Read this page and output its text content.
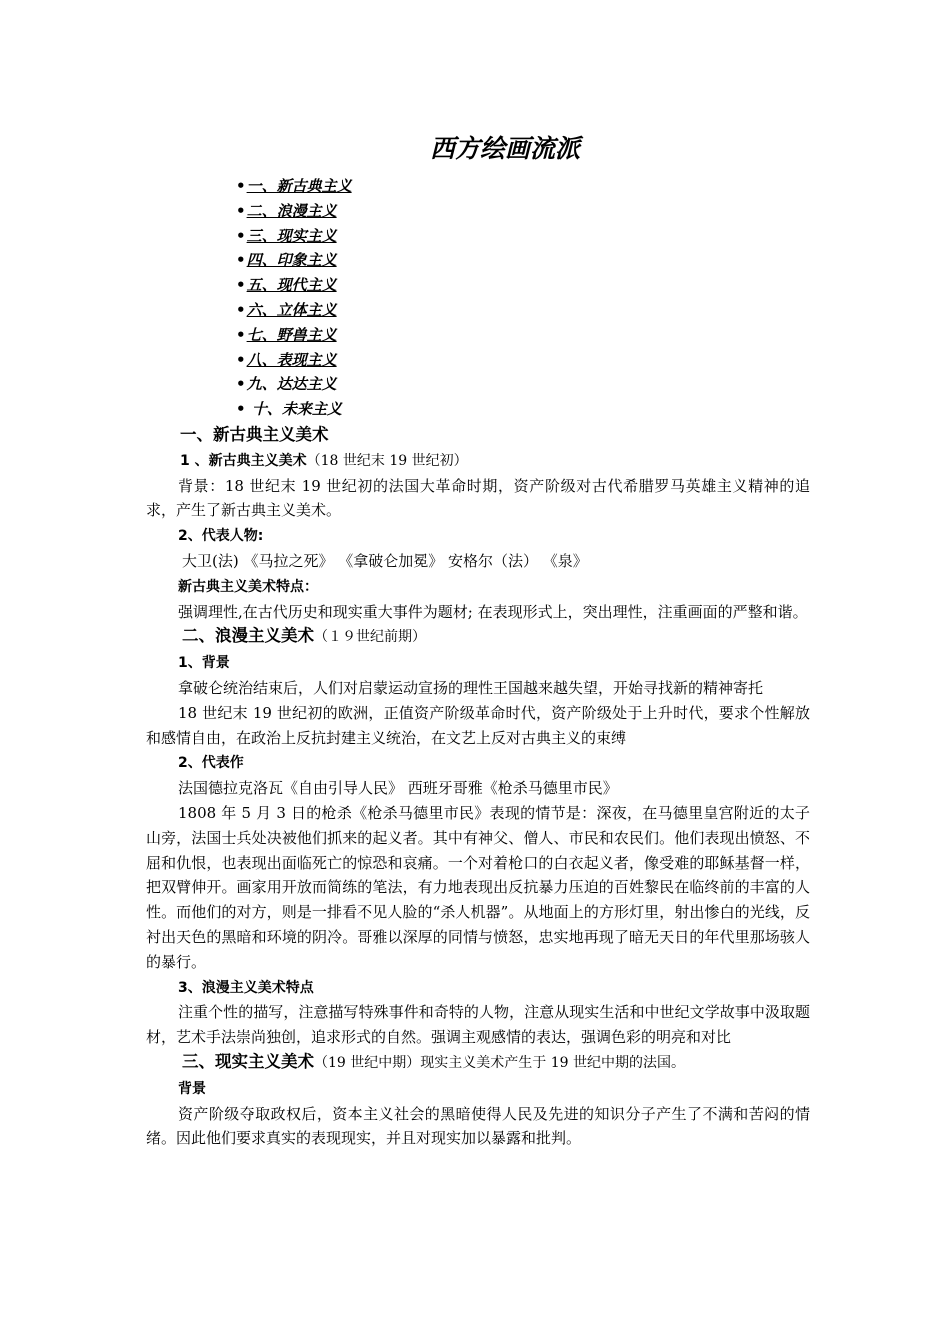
西方绘画流派
•一、新古典主义
•二、浪漫主义
•三、现实主义
•四、印象主义
•五、现代主义
•六、立体主义
•七、野兽主义
•八、表现主义
•九、达达主义
• 十、未来主义
一、新古典主义美术
1 、新古典主义美术（18 世纪末 19 世纪初）

背景：18 世纪末 19 世纪初的法国大革命时期，资产阶级对古代希腊罗马英雄主义精神的追求，产生了新古典主义美术。

2、代表人物:
大卫(法) 《马拉之死》 《拿破仑加冕》 安格尔（法） 《泉》
新古典主义美术特点：

强调理性,在古代历史和现实重大事件为题材; 在表现形式上，突出理性，注重画面的严整和谐。

二、浪漫主义美术（１９世纪前期）
1、背景

拿破仑统治结束后，人们对启蒙运动宣扬的理性王国越来越失望，开始寻找新的精神寄托

18 世纪末 19 世纪初的欧洲，正值资产阶级革命时代，资产阶级处于上升时代，要求个性解放和感情自由，在政治上反抗封建主义统治，在文艺上反对古典主义的束缚

2、代表作
法国德拉克洛瓦《自由引导人民》 西班牙哥雅《枪杀马德里市民》

1808 年 5 月 3 日的枪杀《枪杀马德里市民》表现的情节是：深夜，在马德里皇宫附近的太子山旁，法国士兵处决被他们抓来的起义者。其中有神父、僧人、市民和农民们。他们表现出愤怒、不屈和仇恨，也表现出面临死亡的惊恐和哀痛。一个对着枪口的白衣起义者，像受难的耶稣基督一样，把双臂伸开。画家用开放而简练的笔法，有力地表现出反抗暴力压迫的百姓黎民在临终前的丰富的人性。而他们的对方，则是一排看不见人脸的“杀人机器”。从地面上的方形灯里，射出惨白的光线，反衬出天色的黑暗和环境的阴冷。哥雅以深厚的同情与愤怒，忠实地再现了暗无天日的年代里那场骇人的暴行。

3、浪漫主义美术特点

注重个性的描写，注意描写特殊事件和奇特的人物，注意从现实生活和中世纪文学故事中汲取题材，艺术手法崇尚独创，追求形式的自然。强调主观感情的表达，强调色彩的明亮和对比

三、现实主义美术（19 世纪中期）现实主义美术产生于 19 世纪中期的法国。
背景

资产阶级夺取政权后，资本主义社会的黑暗使得人民及先进的知识分子产生了不满和苦闷的情绪。因此他们要求真实的表现现实，并且对现实加以暴露和批判。
